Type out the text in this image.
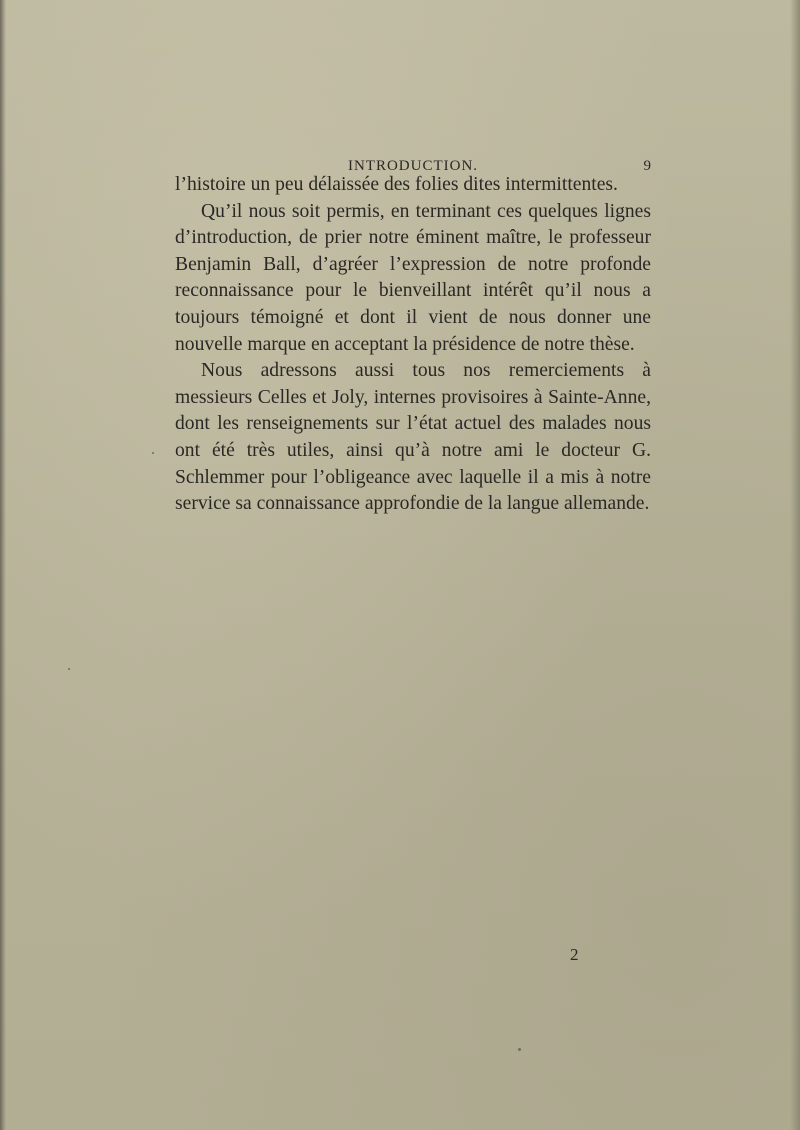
INTRODUCTION.	9

l’histoire un peu délaissée des folies dites intermittentes.

Qu’il nous soit permis, en terminant ces quelques lignes d’introduction, de prier notre éminent maître, le professeur Benjamin Ball, d’agréer l’expression de notre profonde reconnaissance pour le bienveillant intérêt qu’il nous a toujours témoigné et dont il vient de nous donner une nouvelle marque en acceptant la présidence de notre thèse.

Nous adressons aussi tous nos remerciements à messieurs Celles et Joly, internes provisoires à Sainte-Anne, dont les renseignements sur l’état actuel des malades nous ont été très utiles, ainsi qu’à notre ami le docteur G. Schlemmer pour l’obligeance avec laquelle il a mis à notre service sa connaissance approfondie de la langue allemande.

2
